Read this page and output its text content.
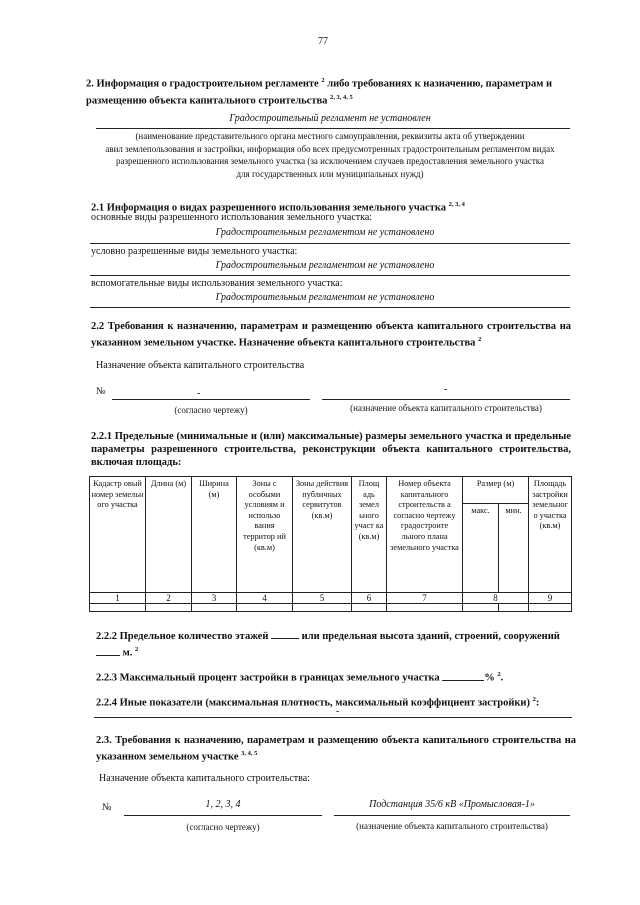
77
2. Информация о градостроительном регламенте $^2$ либо требованиях к назначению, параметрам и размещению объекта капитального строительства $^{2, 3, 4, 5}$
Градостроительный регламент не установлен
(наименование представительного органа местного самоуправления, реквизиты акта об утверждении
авил землепользования и застройки, информация обо всех предусмотренных градостроительным регламентом видах
разрешенного использования земельного участка (за исключением случаев предоставления земельного участка
для государственных или муниципальных нужд)
2.1 Информация о видах разрешенного использования земельного участка $^{2, 3, 4}$
основные виды разрешенного использования земельного участка:
Градостроительным регламентом не установлено
условно разрешенные виды земельного участка:
Градостроительным регламентом не установлено
вспомогательные виды использования земельного участка:
Градостроительным регламентом не установлено
2.2 Требования к назначению, параметрам и размещению объекта капитального строительства на указанном земельном участке. Назначение объекта капитального строительства $^2$
Назначение объекта капитального строительства
№	-	-
(согласно чертежу)	(назначение объекта капитального строительства)
2.2.1 Предельные (минимальные и (или) максимальные) размеры земельного участка и предельные параметры разрешенного строительства, реконструкции объекта капитального строительства, включая площадь:
Кадастр овый номер земельн ого участка	Длина (м)	Ширина (м)	Зоны с особыми условиям и использо вания территор ий (кв.м)	Зоны действия публичных сервитутов (кв.м)	Площ адь земел ьного участ ка (кв.м)	Номер объекта капитального строительств а согласно чертежу градостроите льного плана земельного участка	Размер (м)		Площадь застройки земельног о участка (кв.м)
							макс.	мин.	
1	2	3	4	5	6	7	8		9

2.2.2 Предельное количество этажей	или предельная высота зданий, строений, сооружений
м. $^2$
2.2.3 Максимальный процент застройки в границах земельного участка	% $^2$.
2.2.4 Иные показатели (максимальная плотность, максимальный коэффициент застройки) $^2$:
-
2.3. Требования к назначению, параметрам и размещению объекта капитального строительства на указанном земельном участке $^{3, 4, 5}$
Назначение объекта капитального строительства:
№	1, 2, 3, 4	Подстанция 35/6 кВ «Промысловая-1»
(согласно чертежу)	(назначение объекта капитального строительства)
